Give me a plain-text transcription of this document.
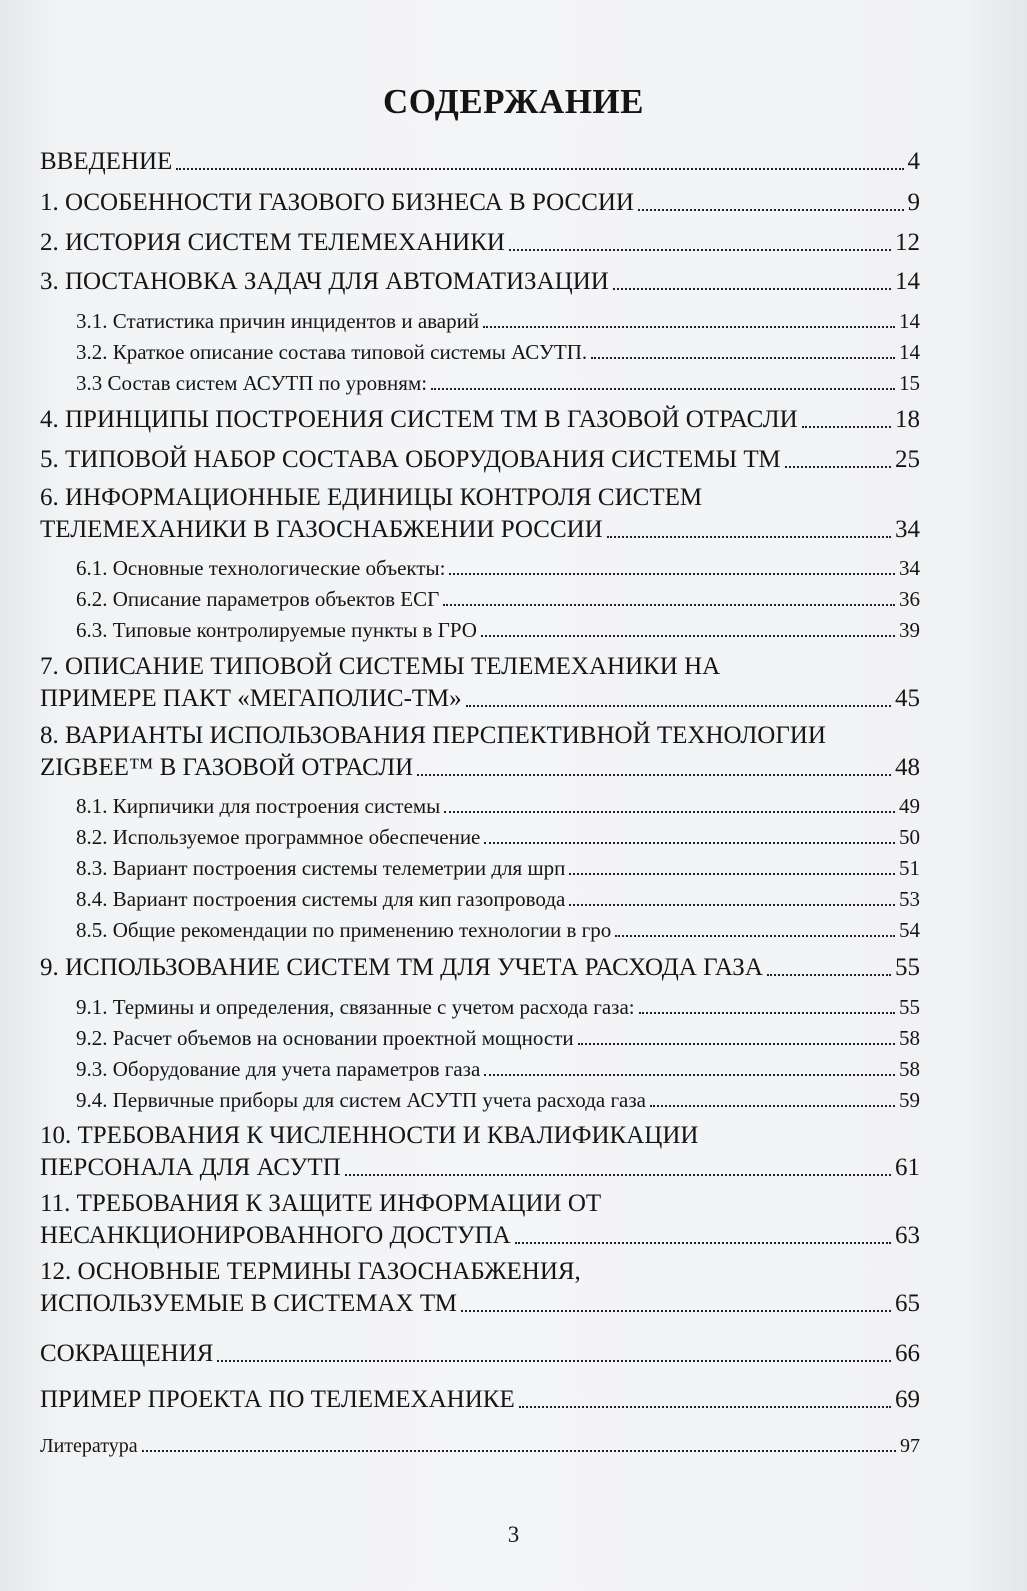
СОДЕРЖАНИЕ
ВВЕДЕНИЕ	4
1. ОСОБЕННОСТИ ГАЗОВОГО БИЗНЕСА В РОССИИ	9
2. ИСТОРИЯ СИСТЕМ ТЕЛЕМЕХАНИКИ	12
3. ПОСТАНОВКА ЗАДАЧ ДЛЯ АВТОМАТИЗАЦИИ	14
3.1. Статистика причин инцидентов и аварий	14
3.2. Краткое описание состава типовой системы АСУТП.	14
3.3 Состав систем АСУТП по уровням:	15
4. ПРИНЦИПЫ ПОСТРОЕНИЯ СИСТЕМ ТМ В ГАЗОВОЙ ОТРАСЛИ	18
5. ТИПОВОЙ НАБОР СОСТАВА ОБОРУДОВАНИЯ СИСТЕМЫ ТМ	25
6. ИНФОРМАЦИОННЫЕ ЕДИНИЦЫ КОНТРОЛЯ СИСТЕМ
ТЕЛЕМЕХАНИКИ В ГАЗОСНАБЖЕНИИ РОССИИ	34
6.1. Основные технологические объекты:	34
6.2. Описание параметров объектов ЕСГ	36
6.3. Типовые контролируемые пункты в ГРО	39
7. ОПИСАНИЕ ТИПОВОЙ СИСТЕМЫ ТЕЛЕМЕХАНИКИ НА
ПРИМЕРЕ ПАКТ «МЕГАПОЛИС-ТМ»	45
8. ВАРИАНТЫ ИСПОЛЬЗОВАНИЯ ПЕРСПЕКТИВНОЙ ТЕХНОЛОГИИ
ZIGBEE™ В ГАЗОВОЙ ОТРАСЛИ	48
8.1. Кирпичики для построения системы	49
8.2. Используемое программное обеспечение	50
8.3. Вариант построения системы телеметрии для шрп	51
8.4. Вариант построения системы для кип газопровода	53
8.5. Общие рекомендации по применению технологии в гро	54
9. ИСПОЛЬЗОВАНИЕ СИСТЕМ ТМ ДЛЯ УЧЕТА РАСХОДА ГАЗА	55
9.1. Термины и определения, связанные с учетом расхода газа:	55
9.2. Расчет объемов на основании проектной мощности	58
9.3. Оборудование для учета параметров газа	58
9.4. Первичные приборы для систем АСУТП учета расхода газа	59
10. ТРЕБОВАНИЯ К ЧИСЛЕННОСТИ И КВАЛИФИКАЦИИ
ПЕРСОНАЛА ДЛЯ АСУТП	61
11. ТРЕБОВАНИЯ К ЗАЩИТЕ ИНФОРМАЦИИ ОТ
НЕСАНКЦИОНИРОВАННОГО ДОСТУПА	63
12. ОСНОВНЫЕ ТЕРМИНЫ ГАЗОСНАБЖЕНИЯ,
ИСПОЛЬЗУЕМЫЕ В СИСТЕМАХ ТМ	65
СОКРАЩЕНИЯ	66
ПРИМЕР ПРОЕКТА ПО ТЕЛЕМЕХАНИКЕ	69
Литература	97
3
